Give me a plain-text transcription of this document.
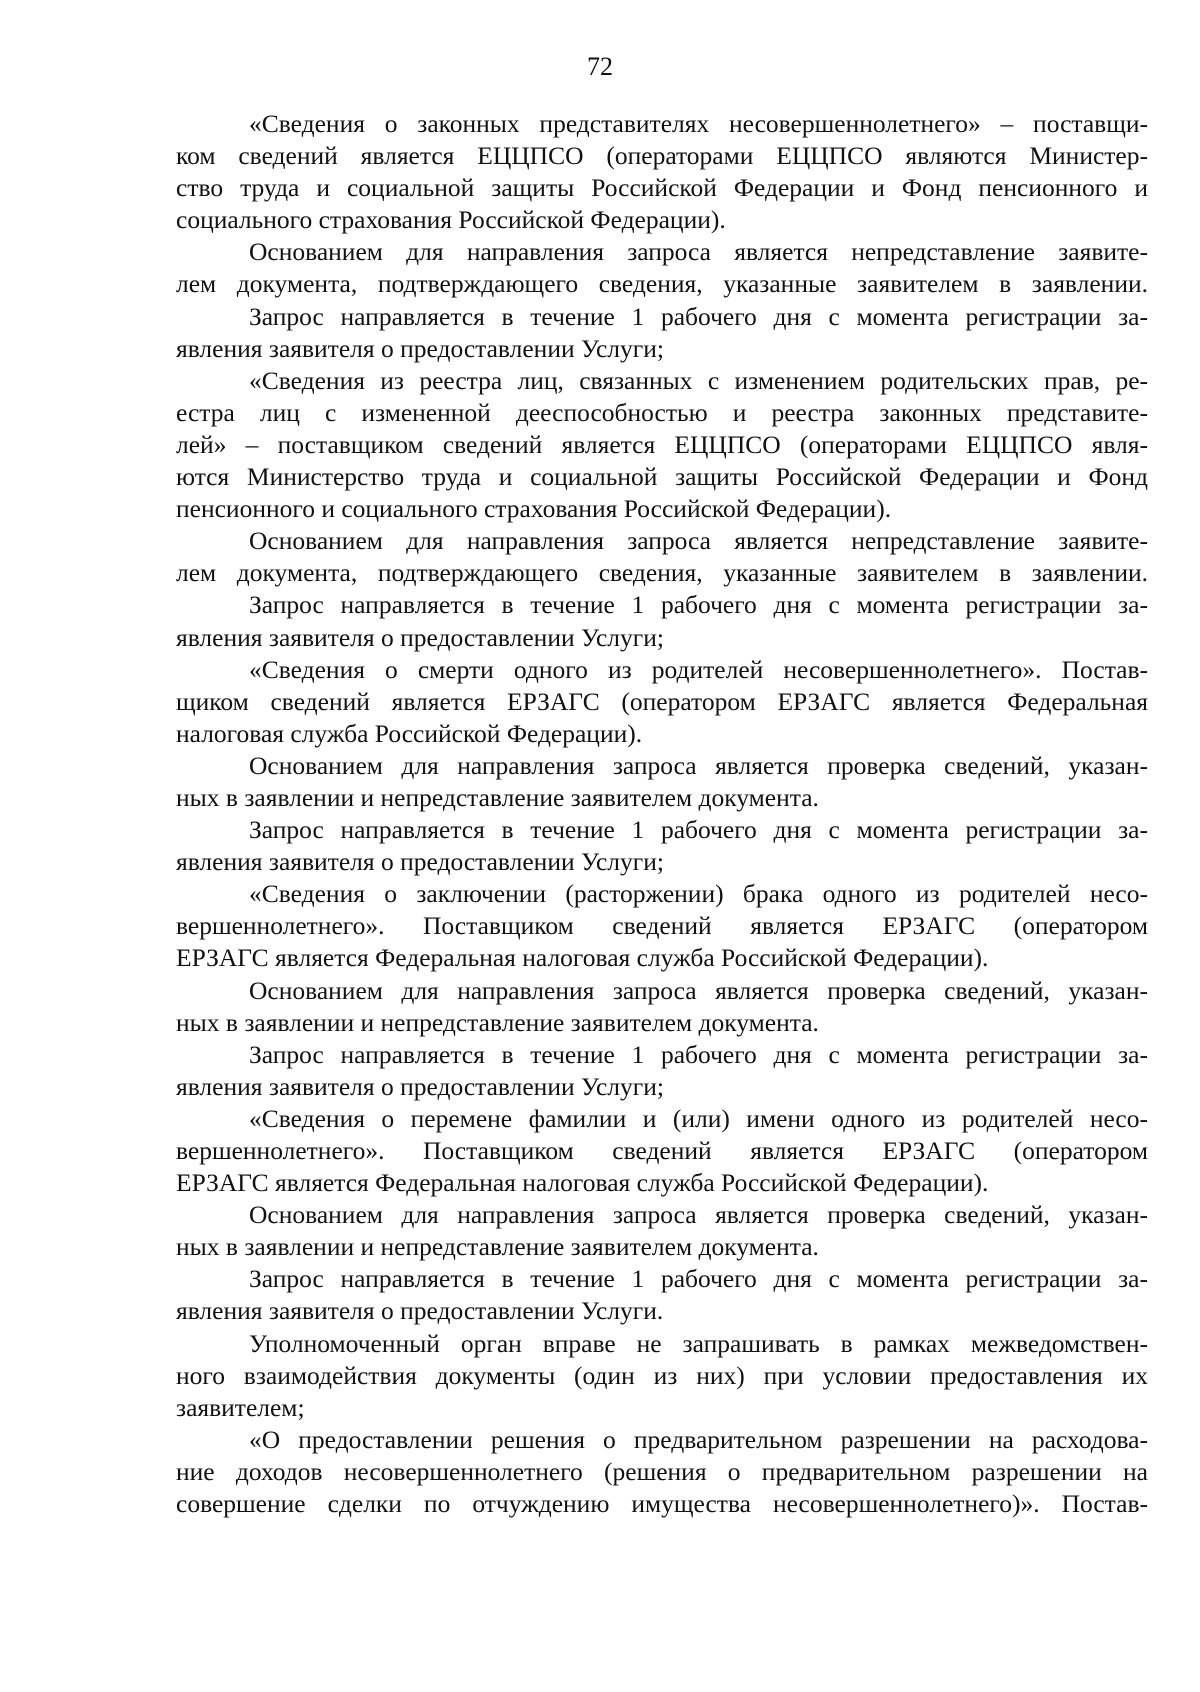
72
«Сведения о законных представителях несовершеннолетнего» – поставщи-
ком сведений является ЕЦЦПСО (операторами ЕЦЦПСО являются Министер-
ство труда и социальной защиты Российской Федерации и Фонд пенсионного и
социального страхования Российской Федерации).
Основанием для направления запроса является непредставление заявите-
лем документа, подтверждающего сведения, указанные заявителем в заявлении.
Запрос направляется в течение 1 рабочего дня с момента регистрации за-
явления заявителя о предоставлении Услуги;
«Сведения из реестра лиц, связанных с изменением родительских прав, ре-
естра лиц с измененной дееспособностью и реестра законных представите-
лей» – поставщиком сведений является ЕЦЦПСО (операторами ЕЦЦПСО явля-
ются Министерство труда и социальной защиты Российской Федерации и Фонд
пенсионного и социального страхования Российской Федерации).
Основанием для направления запроса является непредставление заявите-
лем документа, подтверждающего сведения, указанные заявителем в заявлении.
Запрос направляется в течение 1 рабочего дня с момента регистрации за-
явления заявителя о предоставлении Услуги;
«Сведения о смерти одного из родителей несовершеннолетнего». Постав-
щиком сведений является ЕРЗАГС (оператором ЕРЗАГС является Федеральная
налоговая служба Российской Федерации).
Основанием для направления запроса является проверка сведений, указан-
ных в заявлении и непредставление заявителем документа.
Запрос направляется в течение 1 рабочего дня с момента регистрации за-
явления заявителя о предоставлении Услуги;
«Сведения о заключении (расторжении) брака одного из родителей несо-
вершеннолетнего». Поставщиком сведений является ЕРЗАГС (оператором
ЕРЗАГС является Федеральная налоговая служба Российской Федерации).
Основанием для направления запроса является проверка сведений, указан-
ных в заявлении и непредставление заявителем документа.
Запрос направляется в течение 1 рабочего дня с момента регистрации за-
явления заявителя о предоставлении Услуги;
«Сведения о перемене фамилии и (или) имени одного из родителей несо-
вершеннолетнего». Поставщиком сведений является ЕРЗАГС (оператором
ЕРЗАГС является Федеральная налоговая служба Российской Федерации).
Основанием для направления запроса является проверка сведений, указан-
ных в заявлении и непредставление заявителем документа.
Запрос направляется в течение 1 рабочего дня с момента регистрации за-
явления заявителя о предоставлении Услуги.
Уполномоченный орган вправе не запрашивать в рамках межведомствен-
ного взаимодействия документы (один из них) при условии предоставления их
заявителем;
«О предоставлении решения о предварительном разрешении на расходова-
ние доходов несовершеннолетнего (решения о предварительном разрешении на
совершение сделки по отчуждению имущества несовершеннолетнего)». Постав-
